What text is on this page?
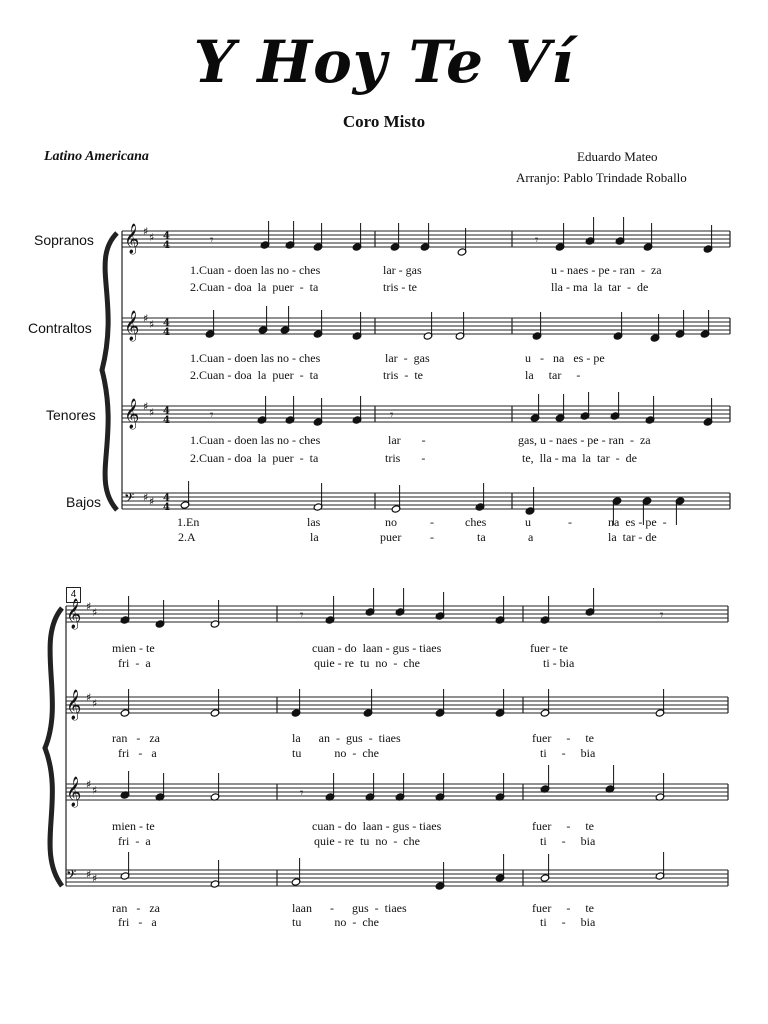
Y Hoy Te Ví
Coro Misto
Latino Americana	Eduardo Mateo
Arranjo: Pablo Trindade Roballo
Sopranos
Contraltos
Tenores
Bajos
4
𝄞 ♯ ♯ 4
4
𝄞 ♯ ♯ 4
4
𝄞 ♯ ♯ 4
4
𝄢 ♯ ♯ 4
4
𝄞 ♯ ♯
𝄞 ♯ ♯
𝄞 ♯ ♯
𝄢 ♯ ♯
𝄾	𝄾
𝄾	𝄾
𝄾	𝄾
𝄾
1.Cuan - doen las no - ches	lar - gas	u - naes - pe - ran  -  za
2.Cuan - doa  la  puer  -  ta	tris - te	lla - ma  la  tar  -  de
1.Cuan - doen las no - ches	lar  -  gas	u   -   na   es - pe
2.Cuan - doa  la  puer  -  ta	tris  -  te	la     tar     -
1.Cuan - doen las no - ches	lar       -	gas, u - naes - pe - ran  -  za
2.Cuan - doa  la  puer  -  ta	tris       -	te,  lla - ma  la  tar  -  de
1.En	las	no	-	ches	u	-	na  es - pe  -
2.A	la	puer -	ta	a	la  tar - de
mien - te	cuan - do  laan - gus - tiaes	fuer - te
fri  -  a	quie - re  tu  no  -  che	ti - bia
ran   -   za	la      an  -  gus  -  tiaes	fuer     -     te
fri   -   a	tu           no  -  che	ti     -     bia
mien - te	cuan - do  laan - gus - tiaes	fuer     -     te
fri  -  a	quie - re  tu  no  -  che	ti     -     bia
ran   -   za	laan      -      gus  -  tiaes	fuer     -     te
fri   -   a	tu           no  -  che	ti     -     bia
